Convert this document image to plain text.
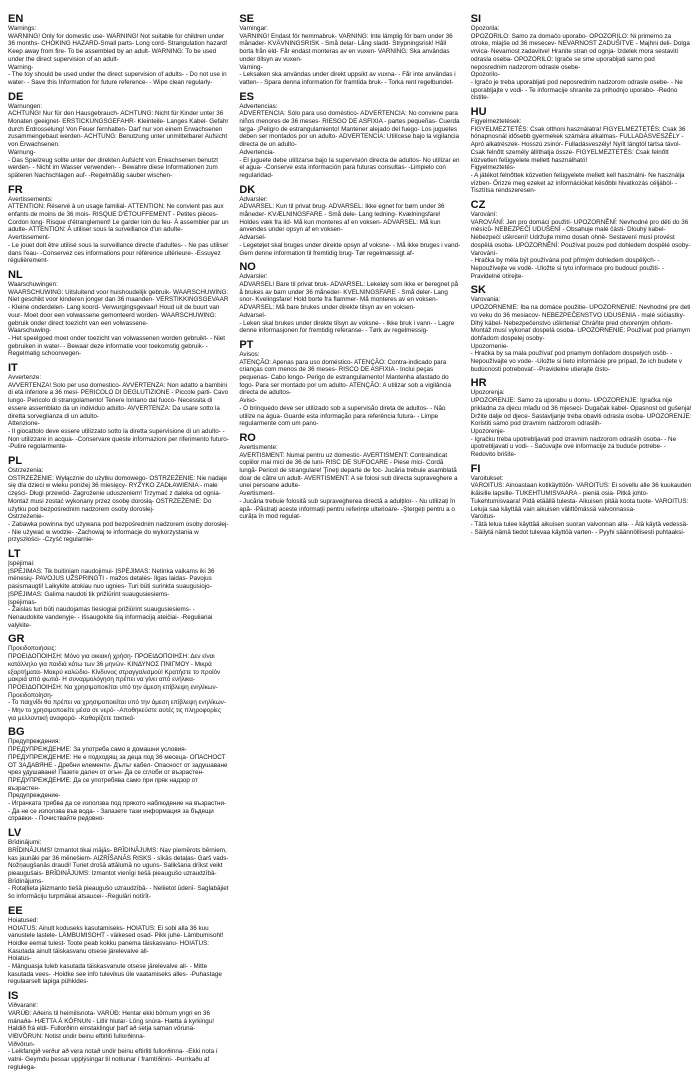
EN

Warnings:
WARNING! Only for domestic use- WARNING! Not suitable for children under 36 months- CHOKING HAZARD-Small parts- Long cord- Strangulation hazard! Keep away from fire- To be assembled by an adult- WARNING: To be used under the direct supervision of an adult-
Warning-
- The toy should be used under the direct supervision of adults- - Do not use in water- - Save this Information for future reference- - Wipe clean regularly-

DE

Warnungen:
ACHTUNG! Nur für den Hausgebrauch- ACHTUNG: Nicht für Kinder unter 36 Monaten geeignet- ERSTICKUNGSGEFAHR- Kleinteile- Langes Kabel- Gefahr durch Erdrosselung! Von Feuer fernhalten- Darf nur von einem Erwachsenen zusammengebaut werden- ACHTUNG: Benutzung unter unmittelbarer Aufsicht von Erwachsenen.
Warnung-
- Das Spielzeug sollte unter der direkten Aufsicht von Erwachsenen benutzt werden- - Nicht im Wasser verwenden- - Bewahre diese Informationen zum späteren Nachschlagen auf- -Regelmäßig sauber wischen-

FR

Avertissements:
ATTENTION: Réservé à un usage familial- ATTENTION: Ne convient pas aux enfants de moins de 36 mois- RISQUE D'ÉTOUFFEMENT - Petites pièces- Cordon long- Risque d'étranglement! Le garder loin du feu- À assembler par un adulte- ATTENTION: À utiliser sous la surveillance d'un adulte-
Avertissement-
- Le jouet doit être utilisé sous la surveillance directe d'adultes- - Ne pas utiliser dans l'eau- -Conservez ces informations pour référence ultérieure- -Essuyez régulièrement-

NL

Waarschuwingen:
WAARSCHUWING: Uitsluitend voor huishoudelijk gebruik- WAARSCHUWING: Niet geschikt voor kinderen jonger dan 36 maanden- VERSTIKKINGSGEVAAR - Kleine onderdelen- Lang koord- Verwurgingsgevaar! Houd uit de buurt van vuur- Moet door een volwassene gemonteerd worden- WAARSCHUWING: gebruik onder direct toezicht van een volwassene-
Waarschuwing-
- Het speelgoed moet onder toezicht van volwassenen worden gebruikt- - Niet gebruiken in water- - Bewaar deze informatie voor toekomstig gebruik- - Regelmatig schoonvegen-

IT

Avvertenze:
AVVERTENZA! Solo per uso domestico- AVVERTENZA: Non adatto a bambini di età inferiore a 36 mesi- PERICOLO DI DEGLUTIZIONE - Piccole parti- Cavo lungo- Pericolo di strangolamento! Tenere lontano dal fuoco- Necessita di essere assemblato da un individuo adulto- AVVERTENZA: Da usare sotto la diretta sorveglianza di un adulto-
Attenzione-
- Il giocattolo deve essere utilizzato sotto la diretta supervisione di un adulto- - Non utilizzare in acqua- -Conservare queste informazioni per riferimento futuro- -Pulire regolarmente-

PL

Ostrzeżenia:
OSTRZEŻENIE: Wyłącznie do użytku domowego- OSTRZEŻENIE: Nie nadaje się dla dzieci w wieku poniżej 36 miesięcy- RYZYKO ZADŁAWIENIA - małe części- Długi przewód- Zagrożenie uduszeniem! Trzymać z daleka od ognia- Montaż musi zostać wykonany przez osobę dorosłą- OSTRZEŻENIE: Do użytku pod bezpośrednim nadzorem osoby dorosłej-
Ostrzeżenie-
- Zabawka powinna być używana pod bezpośrednim nadzorem osoby dorosłej- - Nie używać w wodzie- -Zachowaj te informacje do wykorzystania w przyszłości- -Czyść regularnie-

SE

Varningar:
VARNING! Endast för hemmabruk- VARNING: Inte lämplig för barn under 36 månader- KVÄVNINGSRISK - Små delar- Lång sladd- Strypningsrisk! Håll borta från eld- Får endast monteras av en vuxen- VARNING: Ska användas under tillsyn av vuxen-
Varning-
- Leksaken ska användas under direkt uppsikt av vuxna- - Får inte användas i vatten- - Spara denna information för framtida bruk- - Torka rent regelbundet-

ES

Advertencias:
ADVERTENCIA: Sólo para uso doméstico- ADVERTENCIA: No conviene para niños menores de 36 meses- RIESGO DE ASFIXIA - partes pequeñas- Cuerda larga- ¡Peligro de estrangulamiento! Mantener alejado del fuego- Los juguetes deben ser montados por un adulto- ADVERTENCIA: Utilícese bajo la vigilancia directa de un adulto-
Advertencia-
- El juguete debe utilizarse bajo la supervisión directa de adultos- No utilizar en el agua- -Conserve esta información para futuras consultas- -Limpielo con regularidad-

DK

Advarsler:
ADVARSEL: Kun til privat brug- ADVARSEL: Ikke egnet for børn under 36 måneder- KVÆLNINGSFARE - Små dele- Lang ledning- Kvælningsfare! Holdes væk fra ild- Må kun monteres af en voksen- ADVARSEL: Må kun anvendes under opsyn af en voksen-
Advarsel-
- Legetøjet skal bruges under direkte opsyn af voksne- - Må ikke bruges i vand- Gem denne information til fremtidig brug- Tør regelmæssigt af-

NO

Advarsler:
ADVARSEL! Bare til privat bruk- ADVARSEL: Lekeløy som ikke er beregnet på å brukes av barn under 36 måneder- KVELNINGSFARE - Små deler- Lang snor- Kvelingsfare! Hold borte fra flammer- Må monteres av en voksen- ADVARSEL: Må bare brukes under direkte tilsyn av en voksen-
Advarsel-
- Leken skal brukes under direkte tilsyn av voksne- - Ikke bruk i vann- - Lagre denne informasjonen for fremtidig referanse- - Tørk av regelmessig-

PT

Avisos:
ATENÇÃO: Apenas para uso doméstico- ATENÇÃO: Contra-indicado para crianças com menos de 36 meses- RISCO DE ASFIXIA - Inclui peças pequenas- Cabo longo- Perigo de estrangulamento! Mantenha afastado do fogo- Para ser montado por um adulto- ATENÇÃO: A utilizar sob a vigilância directa de adultos-
Aviso-
- O brinquedo deve ser utilizado sob a supervisão direta de adultos- - Não utilize na água- Guarde esta informação para referência futura- - Limpe regularmente com um pano-

RO

Avertismente:
AVERTISMENT: Numai pentru uz domestic- AVERTISMENT: Contraindicat copiilor mai mici de 36 de luni- RISC DE SUFOCARE - Piese mici- Cordă lungă- Pericol de strangulare! Ţineţi departe de foc- Jucăria trebuie asamblată doar de către un adult- AVERTISMENT: A se folosi sub directa supraveghere a unei persoane adulte-
Avertisment-
- Jucăria trebuie folosită sub supravegherea directă a adulților- - Nu utilizați în apă- -Păstrați aceste informații pentru referințe ulterioare- -Ştergeți pentru a o curăța în mod regulat-

SI

Opozorila:
OPOZORILO: Samo za domačo uporabo- OPOZORILO: Ni primerno za otroke, mlajše od 36 mesecev- NEVARNOST ZADUŠITVE - Majhni deli- Dolga vrvica- Nevarnost zadavitve! Hranite stran od ognja- Izdelek mora sestaviti odrasla oseba- OPOZORILO: Igrače se sme uporabljati samo pod neposrednim nadzorom odrasle osebe-
Opozorilo-
- Igračo je treba uporabljati pod neposrednim nadzorom odrasle osebe- - Ne uporabljajte v vodi- - Te informacije shranite za prihodnjo uporabo- -Redno čistite-

HU

Figyelmeztetések:
FIGYELMEZTETÉS: Csak otthoni használatra! FIGYELMEZTETÉS: Csak 36 hónapnosnál idősebb gyermekek számára alkalmas- FULLADÁSVESZÉLY - Apró alkatrészek- Hosszú zsinór- Fulladásveszély! Nyílt lángtól tartsa távol- Csak felnőtt személy állíthatja össze- FIGYELMEZTETÉS: Csak felnőtt közvetlen felügyelete mellett használható!
Figyelmeztetés-
- A játékot felnőttek közvetlen felügyelete mellett kell használni- Ne használja vízben- Őrizze meg ezeket az információkat későbbi hivatkozás céljából- -Tisztítsa rendszeresen-

CZ

Varování:
VAROVÁNÍ: Jen pro domácí použití- UPOZORNĚNÍ: Nevhodné pro děti do 36 měsíců- NEBEZPEČÍ UDUŠENÍ - Obsahuje malé části- Dlouhý kabel- Nebezpečí uškrcení! Udržujte mimo dosah ohně- Sestavení musí provést dospělá osoba- UPOZORNĚNÍ: Používat pouze pod dohledem dospělé osoby-
Varování-
- Hračka by měla být používána pod přímým dohledem dospělých- - Nepoužívejte ve vodě- -Uložte si tyto informace pro budoucí použití- -Pravidelně otírejte-

SK

Varovania:
UPOZORNENIE: Iba na domáce použitie- UPOZORNENIE: Nevhodné pre deti vo veku do 36 mesiacov- NEBEZPEČENSTVO UDUSENIA - malé súčiastky- Dlhý kábel- Nebezpečenstvo uškrtenia! Chráňte pred otvoreným ohňom- Montáž musí vykonať dospelá osoba- UPOZORNENIE: Používať pod priamym dohľadom dospelej osoby-
Upozornenie-
- Hračka by sa mala používať pod priamym dohľadom dospelých osôb- - Nepoužívajte vo vode- -Uložte si tieto informácie pre prípad, že ich budete v budúcnosti potrebovať- -Pravidelne utierajte čisto-

HR

Upozorenja:
UPOZORENJE: Samo za uporabu u domu- UPOZORENJE: Igračka nije prikladna za djecu mlađu od 36 mjeseci- Dugačak kabel- Opasnost od gušenja! Držite dalje od djece- Sastavljanje treba obaviti odrasla osoba- UPOZORENJE: Koristiti samo pod izravnim nadzorom odraslih-
Upozorenje-
- Igračku treba upotrebljavati pod izravnim nadzorom odraslih osoba- - Ne upotrebljavati u vodi- - Sačuvajte ove informacije za buduće potrebe- - Redovito brišite-

FI

Varoitukset:
VAROITUS: Ainoastaan kotikäyttöön- VAROITUS: Ei sovellu alle 36 kuukauden ikäisille lapsille- TUKEHTUMISVAARA - pieniä osia- Pitkä johto- Tukehtumisvaara! Pidä etäällä tulesta- Aikuisen pitää koota tuote- VAROITUS: Leluja saa käyttää vain aikuisen välittömässä valvonnassa-
Varoitus-
- Tätä lelua tulee käyttää aikuisen suoran valvonnan alla- - Älä käytä vedessä- - Säilytä nämä tiedot tulevaa käyttöä varten- - Pyyhi säännöllisesti puhtaaksi-

LT

Įspėjimai:
ĮSPĖJIMAS: Tik buitiniam naudojimui- ĮSPĖJIMAS: Netinka vaikams iki 36 mėnesių- PAVOJUS UŽSPRINGTI - mažos detalės- Ilgas laidas- Pavojus pasismaugti! Laikykite atokiau nuo ugnies- Turi būti surinkta suaugusiojo- ĮSPĖJIMAS: Galima naudoti tik prižiūrint suaugusiesiems-
Įspėjimas-
- Žaislas turi būti naudojamas tiesiogiai prižiūrint suaugusiesiems- - Nenaudokite vandenyje- - Išsaugokite šią informaciją ateičiai- -Reguliariai valykite-

GR

Προειδοποιήσεις:
ΠΡΟΕΙΔΟΠΟΙΗΣΗ: Μόνο για οικιακή χρήση- ΠΡΟΕΙΔΟΠΟΙΗΣΗ: Δεν είναι κατάλληλο για παιδιά κάτω των 36 μηνών- ΚΙΝΔΥΝΟΣ ΠΝΙΓΜΟΥ - Μικρά εξαρτήματα- Μακρύ καλώδιο- Κίνδυνος στραγγαλισμού! Κρατήστε το προϊόν μακριά από φωτιά- Η συναρμολόγηση πρέπει να γίνει από ενήλικα- ΠΡΟΕΙΔΟΠΟΙΗΣΗ: Να χρησιμοποιείται υπό την άμεση επίβλεψη ενηλίκων-
Προειδοποίηση-
- Το παιχνίδι θα πρέπει να χρησιμοποιείται υπό την άμεση επίβλεψη ενηλίκων- - Μην το χρησιμοποιείτε μέσα σε νερό- -Αποθηκεύστε αυτές τις πληροφορίες για μελλοντική αναφορά- -Καθαρίζετε τακτικά-

BG

Предупреждения:
ПРЕДУПРЕЖДЕНИЕ: За употреба само в домашни условия- ПРЕДУПРЕЖДЕНИЕ: Не е подходящ за деца под 36 месеца- ОПАСНОСТ ОТ ЗАДАВЯНЕ - Дребни елементи- Дълъг кабел- Опасност от задушаване чрез удушаване! Пазете далеч от огън- Да се сглоби от възрастен- ПРЕДУПРЕЖДЕНИЕ: Да се употребява само при пряк надзор от възрастен-
Предупреждение-
- Играчката трябва да се използва под прякото наблюдение на възрастни- - Да не се използва във вода- - Запазете тази информация за бъдещи справки- - Почиствайте редовно-

LV

Brīdinājumi:
BRĪDINĀJUMS! Izmantot tikai mājās- BRĪDINĀJUMS: Nav piemērots bērniem, kas jaunāki par 36 mēnešiem- AIZRĪŠANĀS RISKS - sīkās detaļas- Garš vads- Nožņaugšanās draudi! Turiet drošā attālumā no uguns- Salikšana drīkst veikt pieaugušais- BRĪDINĀJUMS: Izmantot vienīgi tiešā pieaugušo uzraudzībā-
Brīdinājums-
- Rotaļlieta jāizmanto tiešā pieaugušo uzraudzībā- - Neliietot ūdenī- Saglabājiet šo informāciju turpmākai atsaucei- -Regulāri notīrīt-

EE

Hoiatused:
HOIATUS: Ainult koduseks kasutamiseks- HOIATUS: Ei sobi alla 36 kuu vanustele lastele- LÄMBUMISOHT - väikesed osad- Pikk juhe- Lämbumisoht! Hoidke eemal tulest- Toote peab kokku panema täiskasvanu- HOIATUS: Kasutada ainult täiskasvanu otsese järelevalve all-
Hoiatus-
- Mänguasja tuleb kasutada täiskasvanute otsese järelevalve all- - Mitte kasutada vees- -Hoidke see info tulevikus üle vaatamiseks alles- -Puhastage regulaarselt lapiga pühkides-

IS

Viðvaranir:
VARÚÐ: Aðeins til heimilisnota- VARÚÐ: Hentar ekki börnum yngri en 36 mánaða- HÆTTA Á KÖFNUN - Litlir hlutar- Löng snúra- Hætta á kyrkingu! Haldið frá eldi- Fullorðinn einstaklingur þarf að setja saman vöruna- VIÐVÖRUN: Notist undir beinu eftirliti fullorðinna-
Viðvörun-
- Leikfangið verður að vera notað undir beinu eftirliti fullorðinna- -Ekki nota í vatni- Geymdu þessar upplýsingar til notkunar í framtíðinni- -Þurrkaðu af reglulega-
